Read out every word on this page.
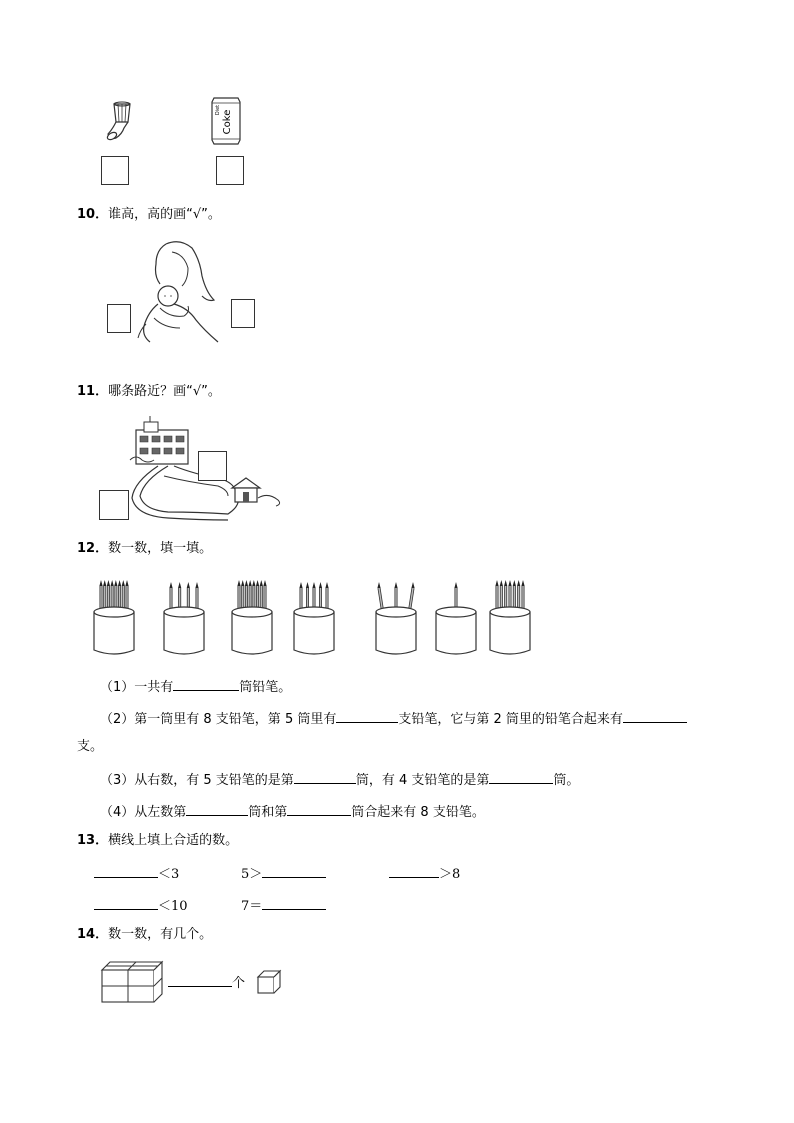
Coke
Diet
10．谁高，高的画“√”。
11．哪条路近？画“√”。
12．数一数，填一填。
（1）一共有	筒铅笔。
（2）第一筒里有 8 支铅笔，第 5 筒里有	支铅笔，它与第 2 筒里的铅笔合起来有
支。
（3）从右数，有 5 支铅笔的是第	筒，有 4 支铅笔的是第	筒。
（4）从左数第	筒和第	筒合起来有 8 支铅笔。
13．横线上填上合适的数。
＜3	5＞	＞8
＜10	7＝
14．数一数，有几个。
个
